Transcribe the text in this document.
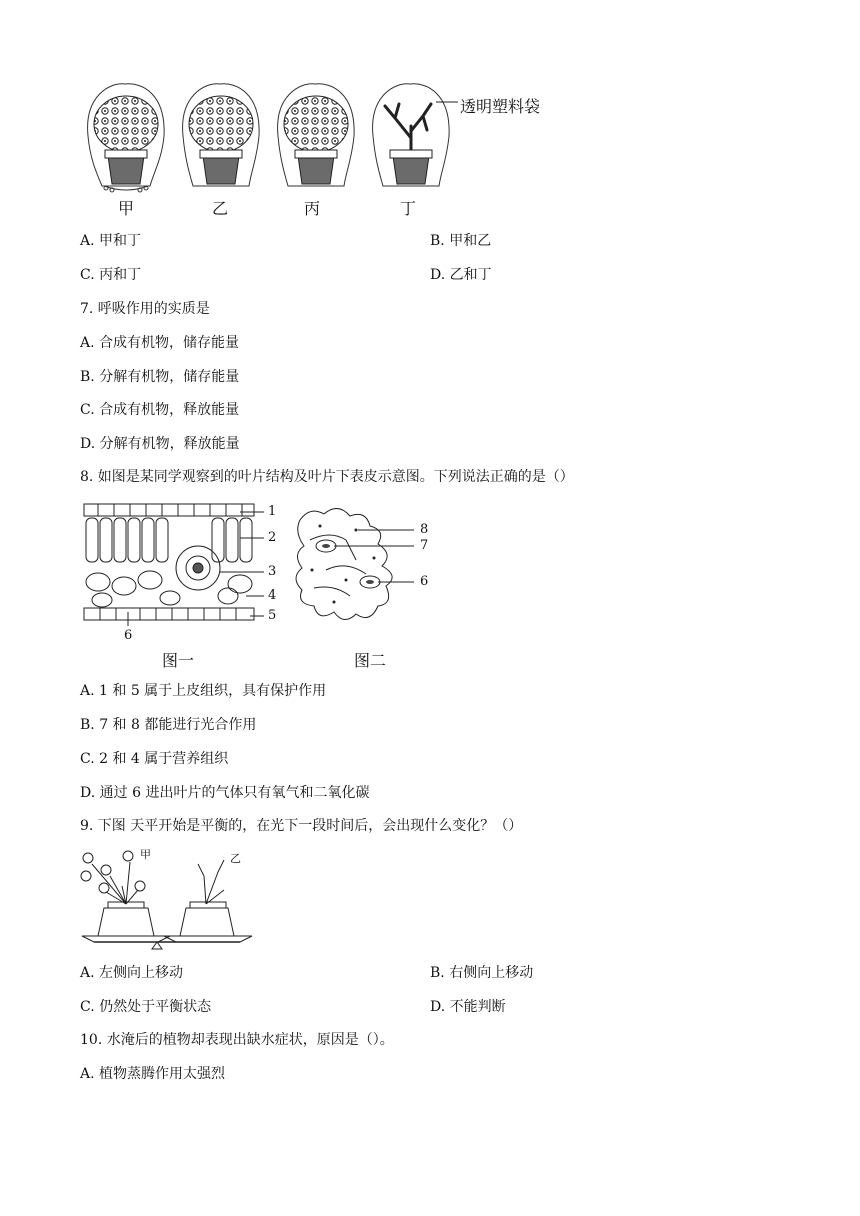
透明塑料袋
甲	乙	丙	丁
A. 甲和丁	B. 甲和乙
C. 丙和丁	D. 乙和丁
7. 呼吸作用的实质是
A. 合成有机物，储存能量
B. 分解有机物，储存能量
C. 合成有机物，释放能量
D. 分解有机物，释放能量
8. 如图是某同学观察到的叶片结构及叶片下表皮示意图。下列说法正确的是（）
1
2
3
4
5
6
8
7
6
图一	图二
A. 1 和 5 属于上皮组织，具有保护作用
B. 7 和 8 都能进行光合作用
C. 2 和 4 属于营养组织
D. 通过 6 进出叶片的气体只有氧气和二氧化碳
9. 下图 天平开始是平衡的，在光下一段时间后，会出现什么变化？（）
甲	乙
A. 左侧向上移动	B. 右侧向上移动
C. 仍然处于平衡状态	D. 不能判断
10. 水淹后的植物却表现出缺水症状，原因是（）。
A. 植物蒸腾作用太强烈
